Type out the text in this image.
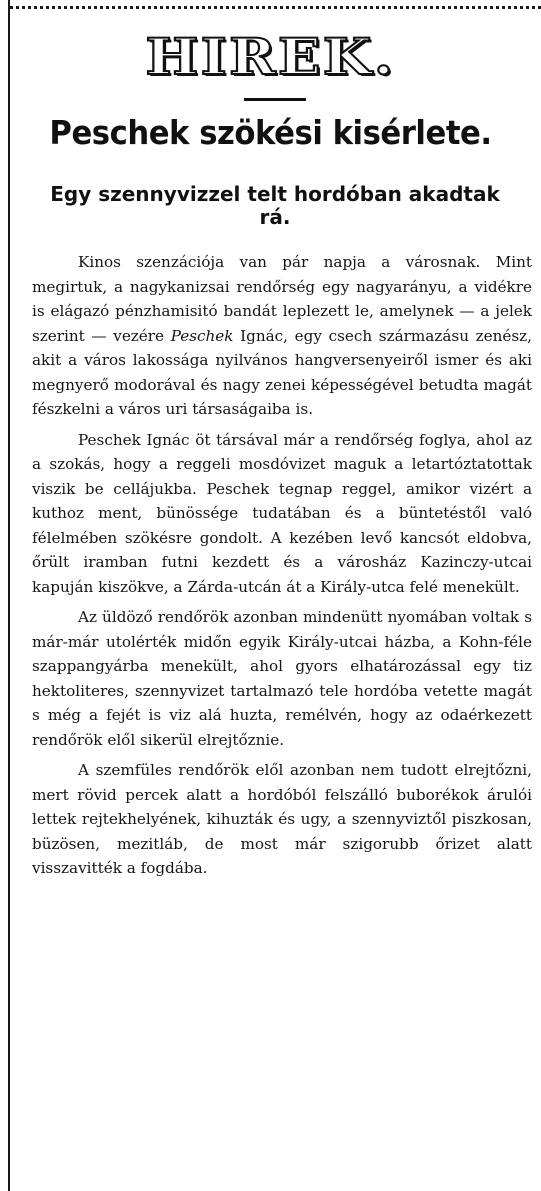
HIREK.
Peschek szökési kisérlete.
Egy szennyvizzel telt hordóban akadtak rá.

Kinos szenzációja van pár napja a városnak. Mint megirtuk, a nagykanizsai rendőrség egy nagyarányu, a vidékre is elágazó pénzhamisitó bandát leplezett le, amelynek — a jelek szerint — vezére Peschek Ignác, egy csech származásu zenész, akit a város lakossága nyilvános hangversenyeiről ismer és aki megnyerő modorával és nagy zenei képességével betudta magát fészkelni a város uri társaságaiba is.

Peschek Ignác öt társával már a rendőrség foglya, ahol az a szokás, hogy a reggeli mosdóvizet maguk a letartóztatottak viszik be cellájukba. Peschek tegnap reggel, amikor vizért a kuthoz ment, bünössége tudatában és a büntetéstől való félelmében szökésre gondolt. A kezében levő kancsót eldobva, őrült iramban futni kezdett és a városház Kazinczy-utcai kapuján kiszökve, a Zárda-utcán át a Király-utca felé menekült.

Az üldöző rendőrök azonban mindenütt nyomában voltak s már-már utolérték midőn egyik Király-utcai házba, a Kohn-féle szappangyárba menekült, ahol gyors elhatározással egy tiz hektoliteres, szennyvizet tartalmazó tele hordóba vetette magát s még a fejét is viz alá huzta, remélvén, hogy az odaérkezett rendőrök elől sikerül elrejtőznie.

A szemfüles rendőrök elől azonban nem tudott elrejtőzni, mert rövid percek alatt a hordóból felszálló buborékok árulói lettek rejtekhelyének, kihuzták és ugy, a szennyviztől piszkosan, büzösen, mezitláb, de most már szigorubb őrizet alatt visszavitték a fogdába.
